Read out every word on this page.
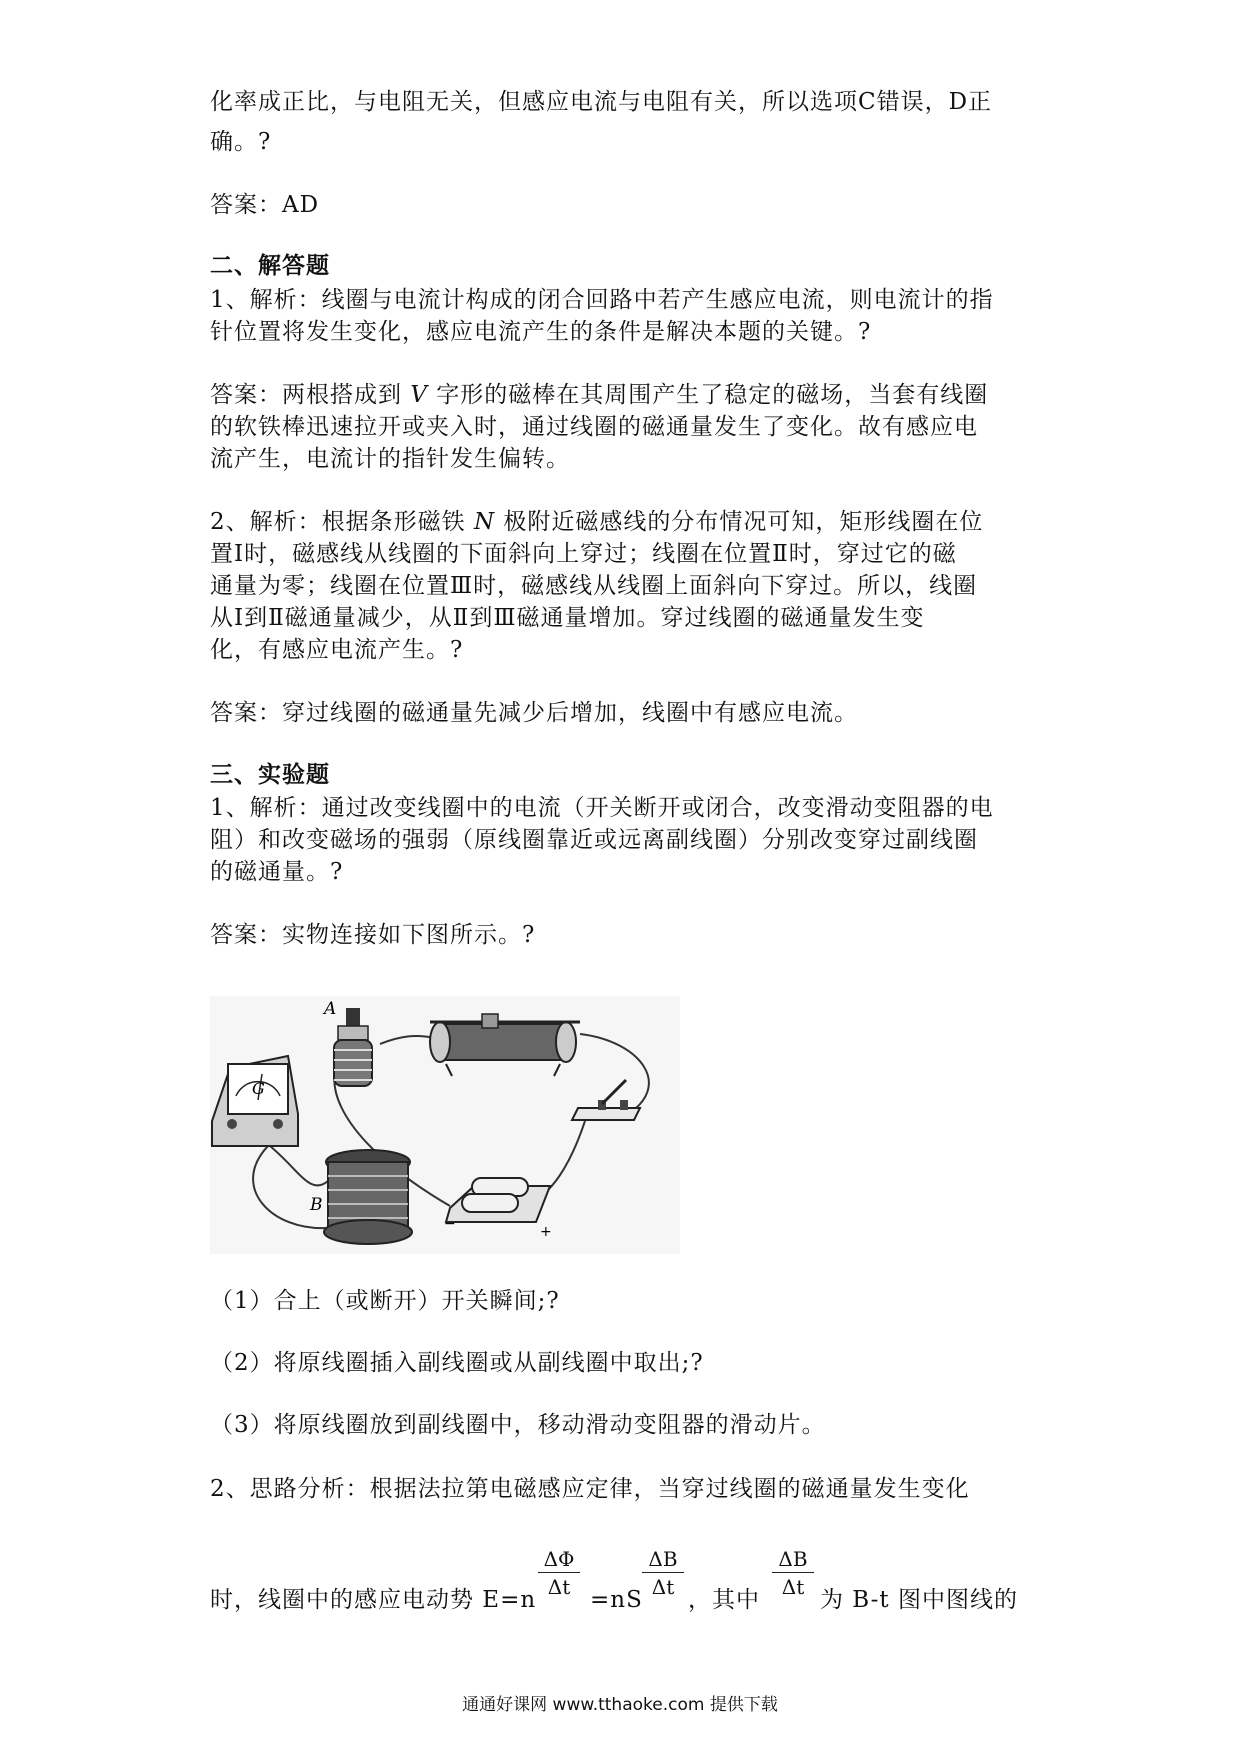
化率成正比，与电阻无关，但感应电流与电阻有关，所以选项C错误，D正
确。?
答案：AD
二、解答题
1、解析：线圈与电流计构成的闭合回路中若产生感应电流，则电流计的指
针位置将发生变化，感应电流产生的条件是解决本题的关键。?
答案：两根搭成到 V 字形的磁棒在其周围产生了稳定的磁场，当套有线圈
的软铁棒迅速拉开或夹入时，通过线圈的磁通量发生了变化。故有感应电
流产生，电流计的指针发生偏转。
2、解析：根据条形磁铁 N 极附近磁感线的分布情况可知，矩形线圈在位
置Ⅰ时，磁感线从线圈的下面斜向上穿过；线圈在位置Ⅱ时，穿过它的磁
通量为零；线圈在位置Ⅲ时，磁感线从线圈上面斜向下穿过。所以，线圈
从Ⅰ到Ⅱ磁通量减少，从Ⅱ到Ⅲ磁通量增加。穿过线圈的磁通量发生变
化，有感应电流产生。?
答案：穿过线圈的磁通量先减少后增加，线圈中有感应电流。
三、实验题
1、解析：通过改变线圈中的电流（开关断开或闭合，改变滑动变阻器的电
阻）和改变磁场的强弱（原线圈靠近或远离副线圈）分别改变穿过副线圈
的磁通量。?
答案：实物连接如下图所示。?
G
A
B
−	+
（1）合上（或断开）开关瞬间;?
（2）将原线圈插入副线圈或从副线圈中取出;?
（3）将原线圈放到副线圈中，移动滑动变阻器的滑动片。
2、思路分析：根据法拉第电磁感应定律，当穿过线圈的磁通量发生变化
时，线圈中的感应电动势 E=n
$\frac{\Delta\Phi}{\Delta t}$
=nS
$\frac{\Delta B}{\Delta t}$
，其中
$\frac{\Delta B}{\Delta t}$
为 B-t 图中图线的
通通好课网 www.tthaoke.com 提供下载
